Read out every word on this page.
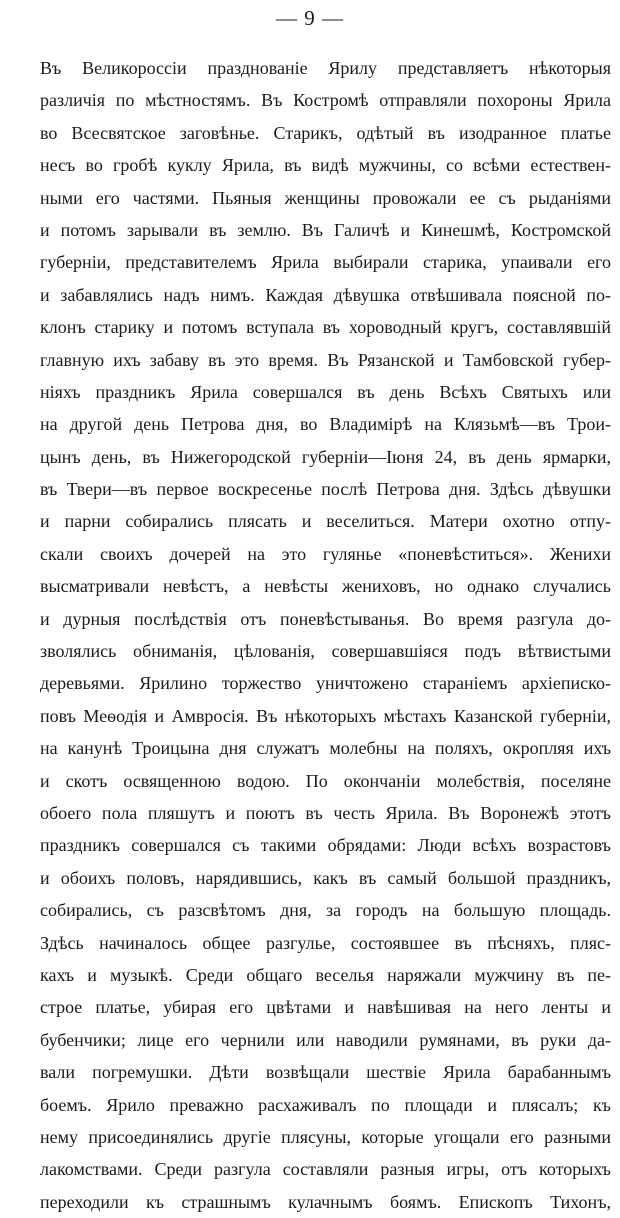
— 9 —
Въ Великороссіи празднованіе Ярилу представляетъ нѣкоторыя
различія по мѣстностямъ. Въ Костромѣ отправляли похороны Ярила
во Всесвятское заговѣнье. Старикъ, одѣтый въ изодранное платье
несъ во гробѣ куклу Ярила, въ видѣ мужчины, со всѣми естествен-
ными его частями. Пьяныя женщины провожали ее съ рыданіями
и потомъ зарывали въ землю. Въ Галичѣ и Кинешмѣ, Костромской
губерніи, представителемъ Ярила выбирали старика, упаивали его
и забавлялись надъ нимъ. Каждая дѣвушка отвѣшивала поясной по-
клонъ старику и потомъ вступала въ хороводный кругъ, составлявшій
главную ихъ забаву въ это время. Въ Рязанской и Тамбовской губер-
ніяхъ праздникъ Ярила совершался въ день Всѣхъ Святыхъ или
на другой день Петрова дня, во Владимірѣ на Клязьмѣ—въ Трои-
цынъ день, въ Нижегородской губерніи—Іюня 24, въ день ярмарки,
въ Твери—въ первое воскресенье послѣ Петрова дня. Здѣсь дѣвушки
и парни собирались плясать и веселиться. Матери охотно отпу-
скали своихъ дочерей на это гулянье «поневѣститься». Женихи
высматривали невѣстъ, а невѣсты жениховъ, но однако случались
и дурныя послѣдствія отъ поневѣстыванья. Во время разгула до-
зволялись обниманія, цѣлованія, совершавшіяся подъ вѣтвистыми
деревьями. Ярилино торжество уничтожено стараніемъ архіеписко-
повъ Меѳодія и Амвросія. Въ нѣкоторыхъ мѣстахъ Казанской губерніи,
на канунѣ Троицына дня служатъ молебны на поляхъ, окропляя ихъ
и скотъ освященною водою. По окончаніи молебствія, поселяне
обоего пола пляшутъ и поютъ въ честь Ярила. Въ Воронежѣ этотъ
праздникъ совершался съ такими обрядами: Люди всѣхъ возрастовъ
и обоихъ половъ, нарядившись, какъ въ самый большой праздникъ,
собирались, съ разсвѣтомъ дня, за городъ на большую площадь.
Здѣсь начиналось общее разгулье, состоявшее въ пѣсняхъ, пляс-
кахъ и музыкѣ. Среди общаго веселья наряжали мужчину въ пе-
строе платье, убирая его цвѣтами и навѣшивая на него ленты и
бубенчики; лице его чернили или наводили румянами, въ руки да-
вали погремушки. Дѣти возвѣщали шествіе Ярила барабаннымъ
боемъ. Ярило преважно расхаживалъ по площади и плясалъ; къ
нему присоединялись другіе плясуны, которые угощали его разными
лакомствами. Среди разгула составляли разныя игры, отъ которыхъ
переходили къ страшнымъ кулачнымъ боямъ. Епископъ Тихонъ,
